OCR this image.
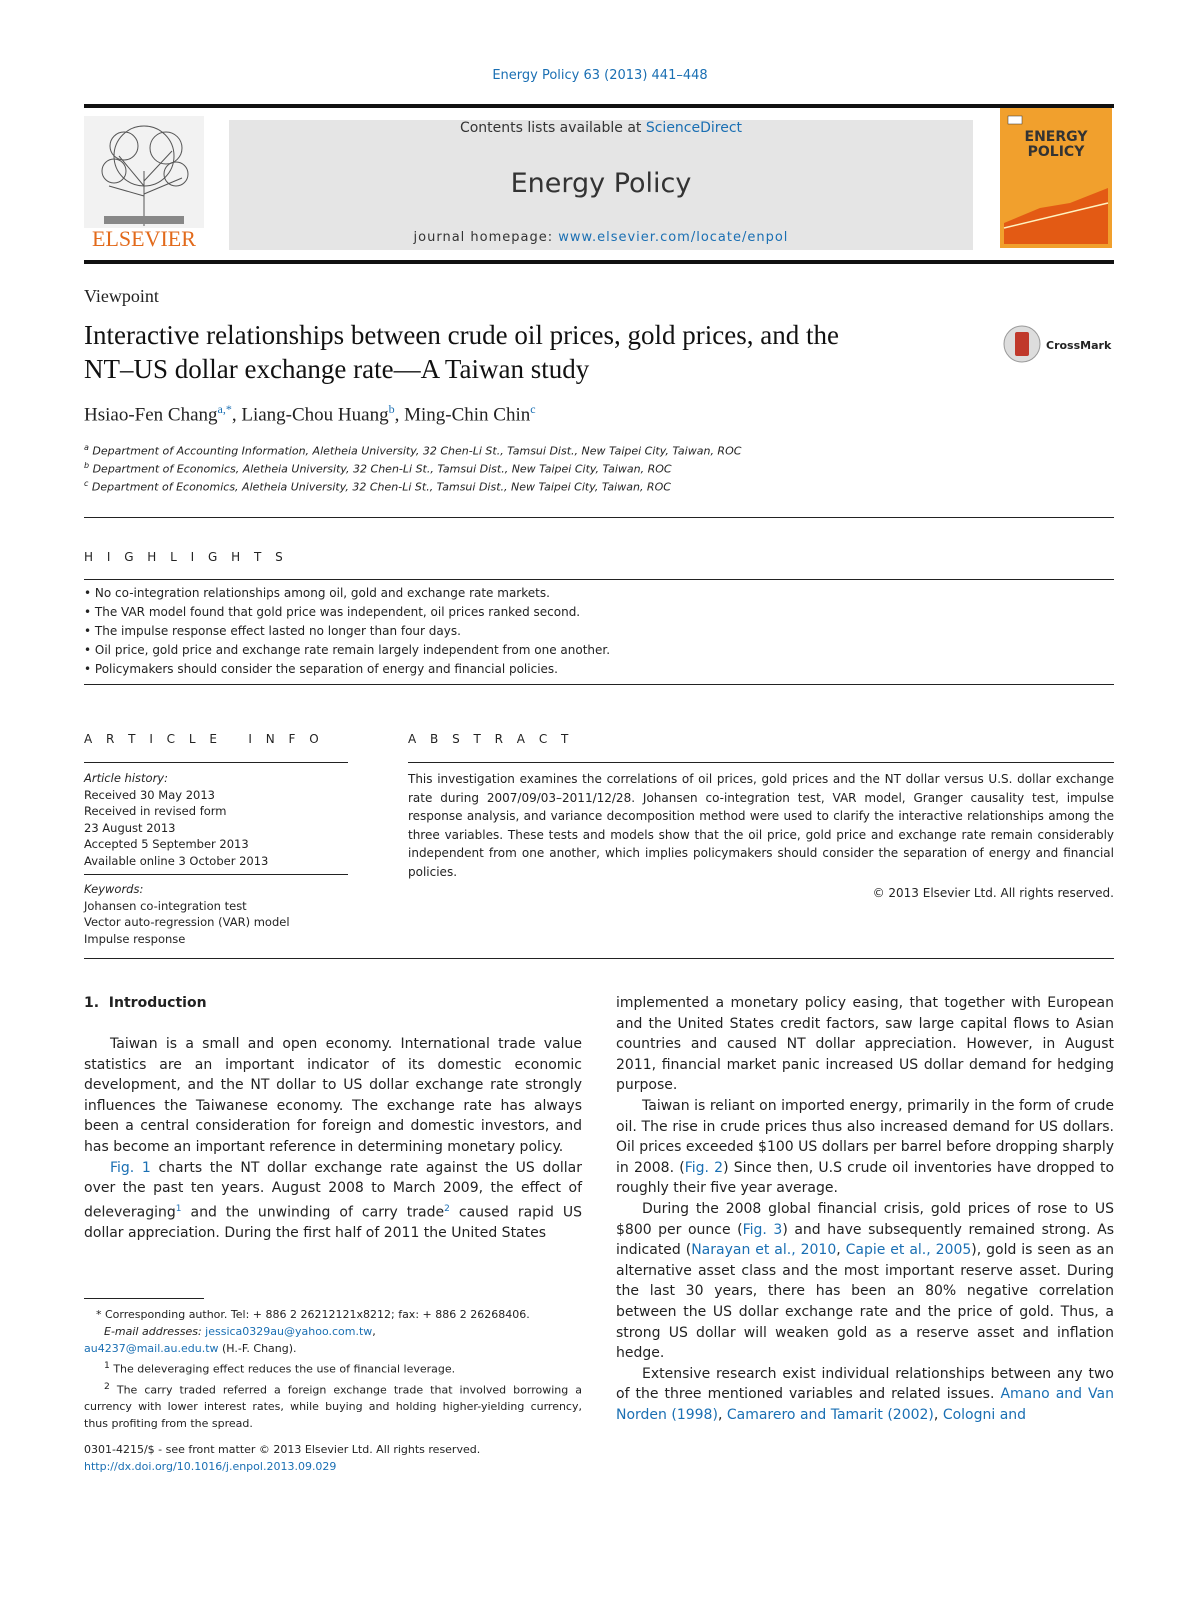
Energy Policy 63 (2013) 441–448
ELSEVIER
Contents lists available at ScienceDirect
Energy Policy
journal homepage: www.elsevier.com/locate/enpol
ENERGY
POLICY
Viewpoint
Interactive relationships between crude oil prices, gold prices, and the
NT–US dollar exchange rate—A Taiwan study
CrossMark
Hsiao-Fen Chang$^{a,*}$, Liang-Chou Huang$^b$, Ming-Chin Chin$^c$
$^a$ Department of Accounting Information, Aletheia University, 32 Chen-Li St., Tamsui Dist., New Taipei City, Taiwan, ROC
$^b$ Department of Economics, Aletheia University, 32 Chen-Li St., Tamsui Dist., New Taipei City, Taiwan, ROC
$^c$ Department of Economics, Aletheia University, 32 Chen-Li St., Tamsui Dist., New Taipei City, Taiwan, ROC
H I G H L I G H T S
• No co-integration relationships among oil, gold and exchange rate markets.
• The VAR model found that gold price was independent, oil prices ranked second.
• The impulse response effect lasted no longer than four days.
• Oil price, gold price and exchange rate remain largely independent from one another.
• Policymakers should consider the separation of energy and financial policies.
A R T I C L E   I N F O
Article history:
Received 30 May 2013
Received in revised form
23 August 2013
Accepted 5 September 2013
Available online 3 October 2013
Keywords:
Johansen co-integration test
Vector auto-regression (VAR) model
Impulse response
A B S T R A C T
This investigation examines the correlations of oil prices, gold prices and the NT dollar versus U.S. dollar exchange rate during 2007/09/03–2011/12/28. Johansen co-integration test, VAR model, Granger causality test, impulse response analysis, and variance decomposition method were used to clarify the interactive relationships among the three variables. These tests and models show that the oil price, gold price and exchange rate remain considerably independent from one another, which implies policymakers should consider the separation of energy and financial policies.
© 2013 Elsevier Ltd. All rights reserved.
1.  Introduction

Taiwan is a small and open economy. International trade value statistics are an important indicator of its domestic economic development, and the NT dollar to US dollar exchange rate strongly influences the Taiwanese economy. The exchange rate has always been a central consideration for foreign and domestic investors, and has become an important reference in determining monetary policy.

Fig. 1 charts the NT dollar exchange rate against the US dollar over the past ten years. August 2008 to March 2009, the effect of deleveraging$^1$ and the unwinding of carry trade$^2$ caused rapid US dollar appreciation. During the first half of 2011 the United States

implemented a monetary policy easing, that together with European and the United States credit factors, saw large capital flows to Asian countries and caused NT dollar appreciation. However, in August 2011, financial market panic increased US dollar demand for hedging purpose.

Taiwan is reliant on imported energy, primarily in the form of crude oil. The rise in crude prices thus also increased demand for US dollars. Oil prices exceeded $100 US dollars per barrel before dropping sharply in 2008. (Fig. 2) Since then, U.S crude oil inventories have dropped to roughly their five year average.

During the 2008 global financial crisis, gold prices of rose to US $800 per ounce (Fig. 3) and have subsequently remained strong. As indicated (Narayan et al., 2010, Capie et al., 2005), gold is seen as an alternative asset class and the most important reserve asset. During the last 30 years, there has been an 80% negative correlation between the US dollar exchange rate and the price of gold. Thus, a strong US dollar will weaken gold as a reserve asset and inflation hedge.

Extensive research exist individual relationships between any two of the three mentioned variables and related issues. Amano and Van Norden (1998), Camarero and Tamarit (2002), Cologni and

* Corresponding author. Tel: + 886 2 26212121x8212; fax: + 886 2 26268406.
E-mail addresses: jessica0329au@yahoo.com.tw,
au4237@mail.au.edu.tw (H.-F. Chang).
$^1$ The deleveraging effect reduces the use of financial leverage.
$^2$ The carry traded referred a foreign exchange trade that involved borrowing a currency with lower interest rates, while buying and holding higher-yielding currency, thus profiting from the spread.
0301-4215/$ - see front matter © 2013 Elsevier Ltd. All rights reserved.
http://dx.doi.org/10.1016/j.enpol.2013.09.029
